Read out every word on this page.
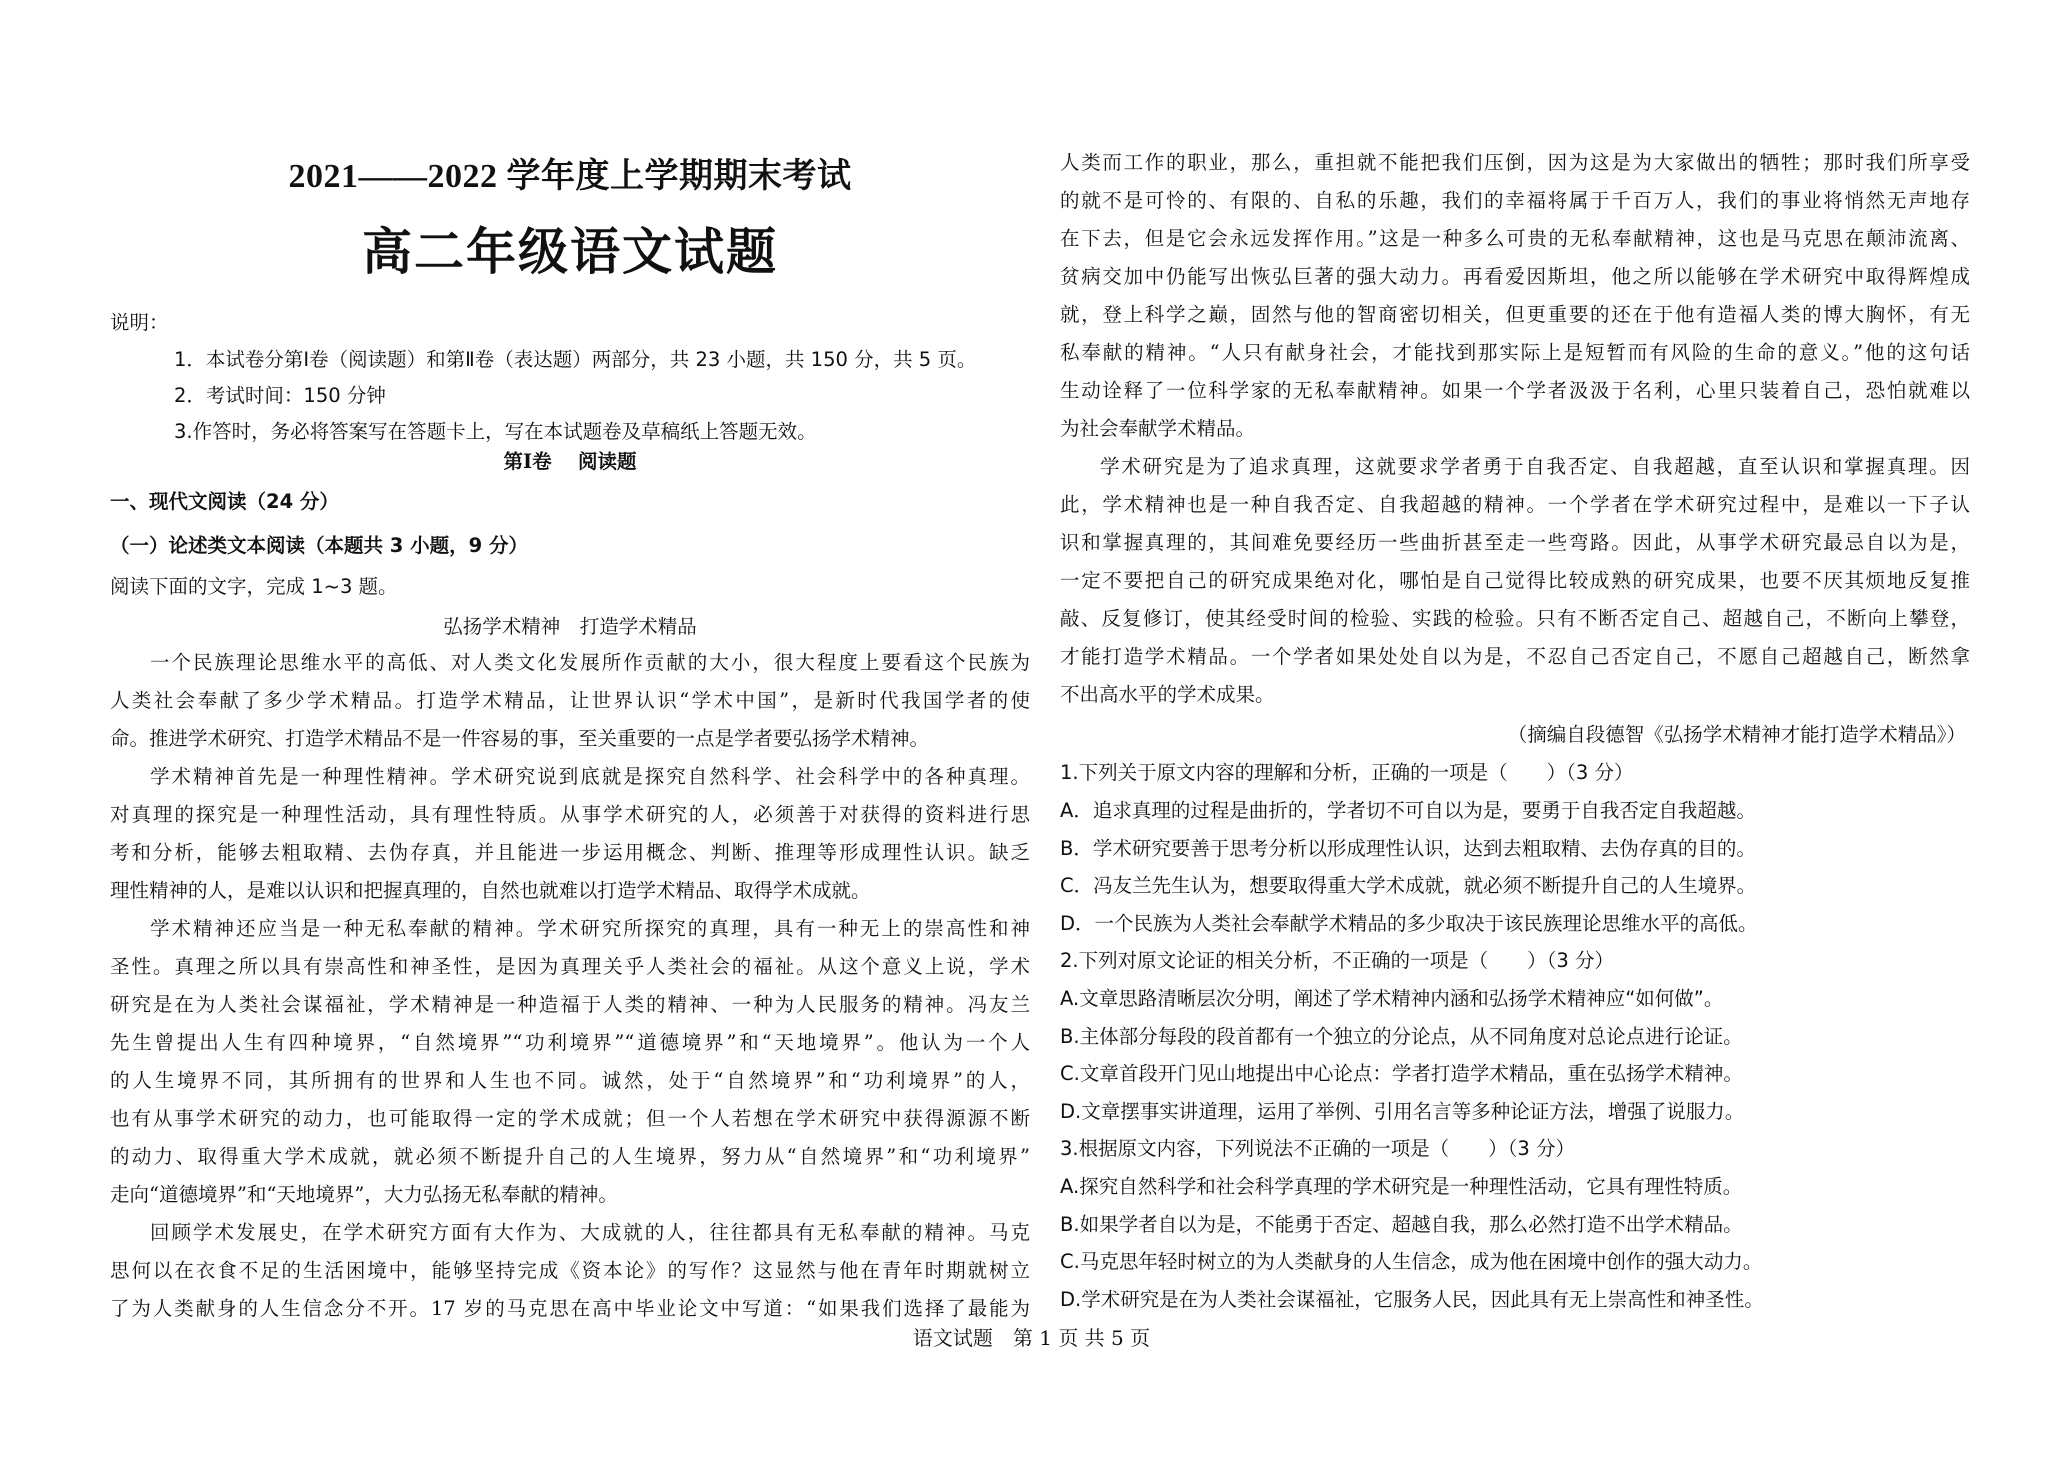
2021——2022 学年度上学期期末考试
高二年级语文试题
说明：
1．本试卷分第Ⅰ卷（阅读题）和第Ⅱ卷（表达题）两部分，共 23 小题，共 150 分，共 5 页。
2．考试时间：150 分钟
3.作答时，务必将答案写在答题卡上，写在本试题卷及草稿纸上答题无效。
第Ⅰ卷　 阅读题
一、现代文阅读（24 分）
（一）论述类文本阅读（本题共 3 小题，9 分）
阅读下面的文字，完成 1~3 题。
弘扬学术精神　打造学术精品
一个民族理论思维水平的高低、对人类文化发展所作贡献的大小，很大程度上要看这个民族为
人类社会奉献了多少学术精品。打造学术精品，让世界认识“学术中国”，是新时代我国学者的使
命。推进学术研究、打造学术精品不是一件容易的事，至关重要的一点是学者要弘扬学术精神。
学术精神首先是一种理性精神。学术研究说到底就是探究自然科学、社会科学中的各种真理。
对真理的探究是一种理性活动，具有理性特质。从事学术研究的人，必须善于对获得的资料进行思
考和分析，能够去粗取精、去伪存真，并且能进一步运用概念、判断、推理等形成理性认识。缺乏
理性精神的人，是难以认识和把握真理的，自然也就难以打造学术精品、取得学术成就。
学术精神还应当是一种无私奉献的精神。学术研究所探究的真理，具有一种无上的崇高性和神
圣性。真理之所以具有崇高性和神圣性，是因为真理关乎人类社会的福祉。从这个意义上说，学术
研究是在为人类社会谋福祉，学术精神是一种造福于人类的精神、一种为人民服务的精神。冯友兰
先生曾提出人生有四种境界，“自然境界”“功利境界”“道德境界”和“天地境界”。他认为一个人
的人生境界不同，其所拥有的世界和人生也不同。诚然，处于“自然境界”和“功利境界”的人，
也有从事学术研究的动力，也可能取得一定的学术成就；但一个人若想在学术研究中获得源源不断
的动力、取得重大学术成就，就必须不断提升自己的人生境界，努力从“自然境界”和“功利境界”
走向“道德境界”和“天地境界”，大力弘扬无私奉献的精神。
回顾学术发展史，在学术研究方面有大作为、大成就的人，往往都具有无私奉献的精神。马克
思何以在衣食不足的生活困境中，能够坚持完成《资本论》的写作？这显然与他在青年时期就树立
了为人类献身的人生信念分不开。17 岁的马克思在高中毕业论文中写道：“如果我们选择了最能为
人类而工作的职业，那么，重担就不能把我们压倒，因为这是为大家做出的牺牲；那时我们所享受
的就不是可怜的、有限的、自私的乐趣，我们的幸福将属于千百万人，我们的事业将悄然无声地存
在下去，但是它会永远发挥作用。”这是一种多么可贵的无私奉献精神，这也是马克思在颠沛流离、
贫病交加中仍能写出恢弘巨著的强大动力。再看爱因斯坦，他之所以能够在学术研究中取得辉煌成
就，登上科学之巅，固然与他的智商密切相关，但更重要的还在于他有造福人类的博大胸怀，有无
私奉献的精神。“人只有献身社会，才能找到那实际上是短暂而有风险的生命的意义。”他的这句话
生动诠释了一位科学家的无私奉献精神。如果一个学者汲汲于名利，心里只装着自己，恐怕就难以
为社会奉献学术精品。
学术研究是为了追求真理，这就要求学者勇于自我否定、自我超越，直至认识和掌握真理。因
此，学术精神也是一种自我否定、自我超越的精神。一个学者在学术研究过程中，是难以一下子认
识和掌握真理的，其间难免要经历一些曲折甚至走一些弯路。因此，从事学术研究最忌自以为是，
一定不要把自己的研究成果绝对化，哪怕是自己觉得比较成熟的研究成果，也要不厌其烦地反复推
敲、反复修订，使其经受时间的检验、实践的检验。只有不断否定自己、超越自己，不断向上攀登，
才能打造学术精品。一个学者如果处处自以为是，不忍自己否定自己，不愿自己超越自己，断然拿
不出高水平的学术成果。
（摘编自段德智《弘扬学术精神才能打造学术精品》）
1.下列关于原文内容的理解和分析，正确的一项是（　　）（3 分）
A．追求真理的过程是曲折的，学者切不可自以为是，要勇于自我否定自我超越。
B．学术研究要善于思考分析以形成理性认识，达到去粗取精、去伪存真的目的。
C．冯友兰先生认为，想要取得重大学术成就，就必须不断提升自己的人生境界。
D．一个民族为人类社会奉献学术精品的多少取决于该民族理论思维水平的高低。
2.下列对原文论证的相关分析，不正确的一项是（　　）（3 分）
A.文章思路清晰层次分明，阐述了学术精神内涵和弘扬学术精神应“如何做”。
B.主体部分每段的段首都有一个独立的分论点，从不同角度对总论点进行论证。
C.文章首段开门见山地提出中心论点：学者打造学术精品，重在弘扬学术精神。
D.文章摆事实讲道理，运用了举例、引用名言等多种论证方法，增强了说服力。
3.根据原文内容，下列说法不正确的一项是（　　）（3 分）
A.探究自然科学和社会科学真理的学术研究是一种理性活动，它具有理性特质。
B.如果学者自以为是，不能勇于否定、超越自我，那么必然打造不出学术精品。
C.马克思年轻时树立的为人类献身的人生信念，成为他在困境中创作的强大动力。
D.学术研究是在为人类社会谋福祉，它服务人民，因此具有无上崇高性和神圣性。
语文试题　第 1 页 共 5 页
